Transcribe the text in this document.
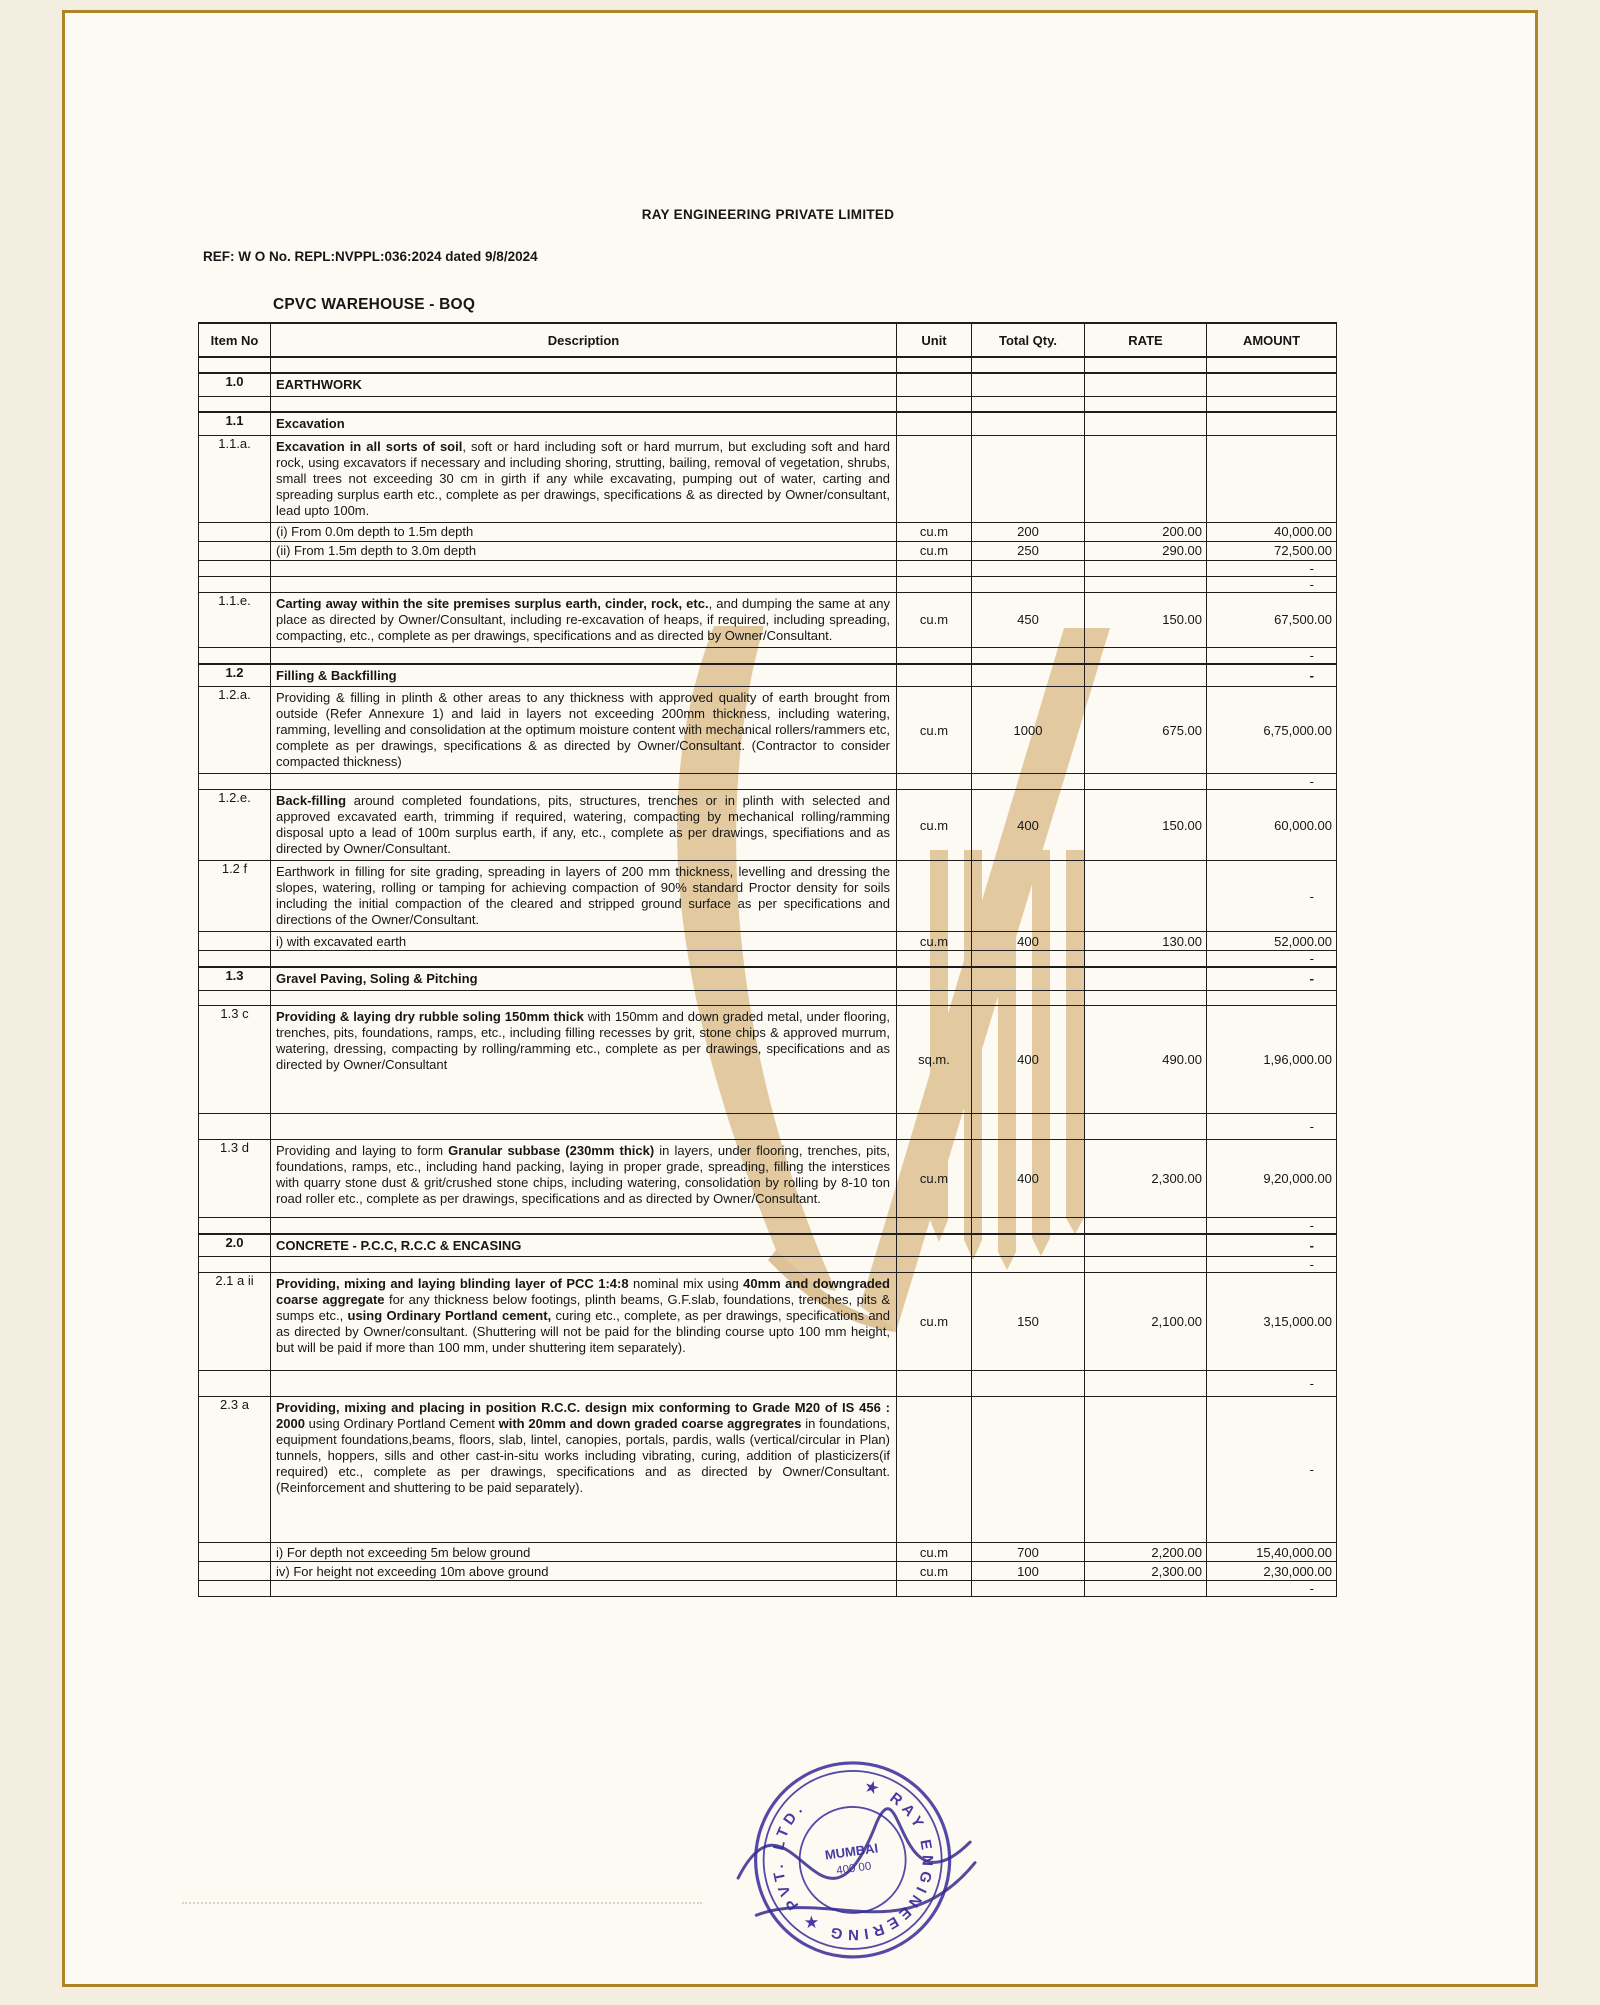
RAY ENGINEERING PRIVATE LIMITED
REF: W O No. REPL:NVPPL:036:2024 dated 9/8/2024
CPVC WAREHOUSE - BOQ
Item No	Description	Unit	Total Qty.	RATE	AMOUNT

1.0	EARTHWORK				

1.1	Excavation				
1.1.a.	Excavation in all sorts of soil, soft or hard including soft or hard murrum, but excluding soft and hard rock, using excavators if necessary and including shoring, strutting, bailing, removal of vegetation, shrubs, small trees not exceeding 30 cm in girth if any while excavating, pumping out of water, carting and spreading surplus earth etc., complete as per drawings, specifications & as directed by Owner/consultant, lead upto 100m.				
	(i) From 0.0m depth to 1.5m depth	cu.m	200	200.00	40,000.00
	(ii) From 1.5m depth to 3.0m depth	cu.m	250	290.00	72,500.00
					-
					-
1.1.e.	Carting away within the site premises surplus earth, cinder, rock, etc., and dumping the same at any place as directed by Owner/Consultant, including re-excavation of heaps, if required, including spreading, compacting, etc., complete as per drawings, specifications and as directed by Owner/Consultant.	cu.m	450	150.00	67,500.00
					-
1.2	Filling & Backfilling				-
1.2.a.	Providing & filling in plinth & other areas to any thickness with approved quality of earth brought from outside (Refer Annexure 1) and laid in layers not exceeding 200mm thickness, including watering, ramming, levelling and consolidation at the optimum moisture content with mechanical rollers/rammers etc, complete as per drawings, specifications & as directed by Owner/Consultant. (Contractor to consider compacted thickness)	cu.m	1000	675.00	6,75,000.00
					-
1.2.e.	Back-filling around completed foundations, pits, structures, trenches or in plinth with selected and approved excavated earth, trimming if required, watering, compacting by mechanical rolling/ramming disposal upto a lead of 100m surplus earth, if any, etc., complete as per drawings, specifiations and as directed by Owner/Consultant.	cu.m	400	150.00	60,000.00
1.2 f	Earthwork in filling for site grading, spreading in layers of 200 mm thickness, levelling and dressing the slopes, watering, rolling or tamping for achieving compaction of 90% standard Proctor density for soils including the initial compaction of the cleared and stripped ground surface as per specifications and directions of the Owner/Consultant.				-
	i) with excavated earth	cu.m	400	130.00	52,000.00
					-
1.3	Gravel Paving, Soling & Pitching				-

1.3 c	Providing & laying dry rubble soling 150mm thick with 150mm and down graded metal, under flooring, trenches, pits, foundations, ramps, etc., including filling recesses by grit, stone chips & approved murrum, watering, dressing, compacting by rolling/ramming etc., complete as per drawings, specifications and as directed by Owner/Consultant	sq.m.	400	490.00	1,96,000.00
					-
1.3 d	Providing and laying to form Granular subbase (230mm thick) in layers, under flooring, trenches, pits, foundations, ramps, etc., including hand packing, laying in proper grade, spreading, filling the interstices with quarry stone dust & grit/crushed stone chips, including watering, consolidation by rolling by 8-10 ton road roller etc., complete as per drawings, specifications and as directed by Owner/Consultant.	cu.m	400	2,300.00	9,20,000.00
					-
2.0	CONCRETE - P.C.C, R.C.C & ENCASING				-
					-
2.1 a ii	Providing, mixing and laying blinding layer of PCC 1:4:8 nominal mix using 40mm and downgraded coarse aggregate for any thickness below footings, plinth beams, G.F.slab, foundations, trenches, pits & sumps etc., using Ordinary Portland cement, curing etc., complete, as per drawings, specifications and as directed by Owner/consultant. (Shuttering will not be paid for the blinding course upto 100 mm height, but will be paid if more than 100 mm, under shuttering item separately).	cu.m	150	2,100.00	3,15,000.00
					-
2.3 a	Providing, mixing and placing in position R.C.C. design mix conforming to Grade M20 of IS 456 : 2000 using Ordinary Portland Cement with 20mm and down graded coarse aggregrates in foundations, equipment foundations,beams, floors, slab, lintel, canopies, portals, pardis, walls (vertical/circular in Plan) tunnels, hoppers, sills and other cast-in-situ works including vibrating, curing, addition of plasticizers(if required) etc., complete as per drawings, specifications and as directed by Owner/Consultant. (Reinforcement and shuttering to be paid separately).				-
	i) For depth not exceeding 5m below ground	cu.m	700	2,200.00	15,40,000.00
	iv) For height not exceeding 10m above ground	cu.m	100	2,300.00	2,30,000.00
					-
★ RAY ENGINEERING ★ PVT. LTD.
MUMBAI
400 00
